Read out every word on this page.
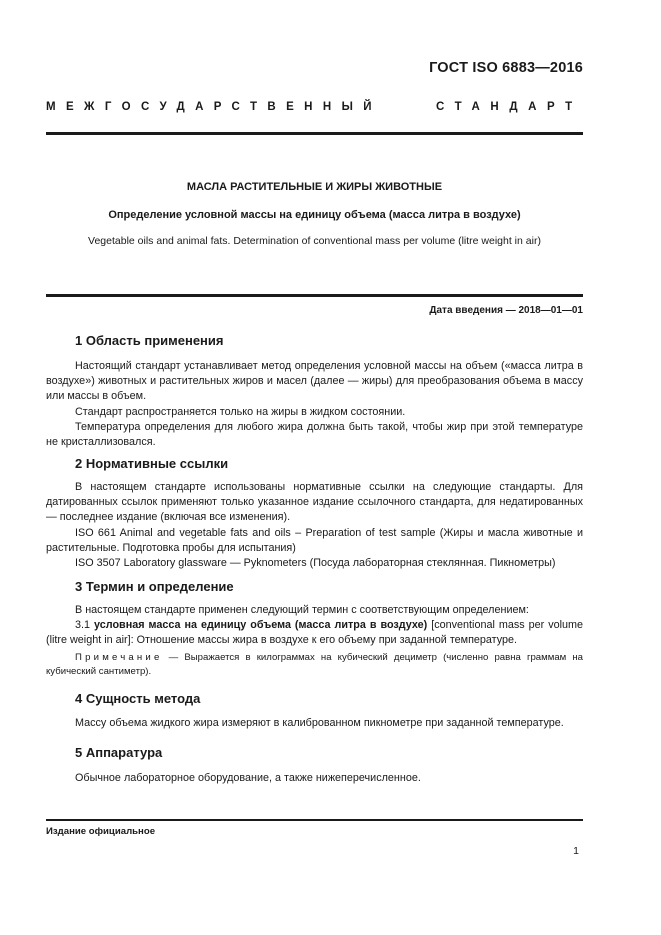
ГОСТ ISO 6883—2016
МЕЖГОСУДАРСТВЕННЫЙ	СТАНДАРТ
МАСЛА РАСТИТЕЛЬНЫЕ И ЖИРЫ ЖИВОТНЫЕ
Определение условной массы на единицу объема (масса литра в воздухе)
Vegetable oils and animal fats. Determination of conventional mass per volume (litre weight in air)
Дата введения — 2018—01—01
1 Область применения
Настоящий стандарт устанавливает метод определения условной массы на объем («масса литра в воздухе») животных и растительных жиров и масел (далее — жиры) для преобразования объема в массу или массы в объем.
Стандарт распространяется только на жиры в жидком состоянии.
Температура определения для любого жира должна быть такой, чтобы жир при этой температуре не кристаллизовался.
2 Нормативные ссылки
В настоящем стандарте использованы нормативные ссылки на следующие стандарты. Для датированных ссылок применяют только указанное издание ссылочного стандарта, для недатированных — последнее издание (включая все изменения).
ISO 661 Animal and vegetable fats and oils – Preparation of test sample (Жиры и масла животные и растительные. Подготовка пробы для испытания)
ISO 3507 Laboratory glassware — Pyknometers (Посуда лабораторная стеклянная. Пикнометры)
3 Термин и определение
В настоящем стандарте применен следующий термин с соответствующим определением:
3.1 условная масса на единицу объема (масса литра в воздухе) [conventional mass per volume (litre weight in air]: Отношение массы жира в воздухе к его объему при заданной температуре.
Примечание — Выражается в килограммах на кубический дециметр (численно равна граммам на кубический сантиметр).
4 Сущность метода
Массу объема жидкого жира измеряют в калиброванном пикнометре при заданной температуре.
5 Аппаратура
Обычное лабораторное оборудование, а также нижеперечисленное.
Издание официальное
1
